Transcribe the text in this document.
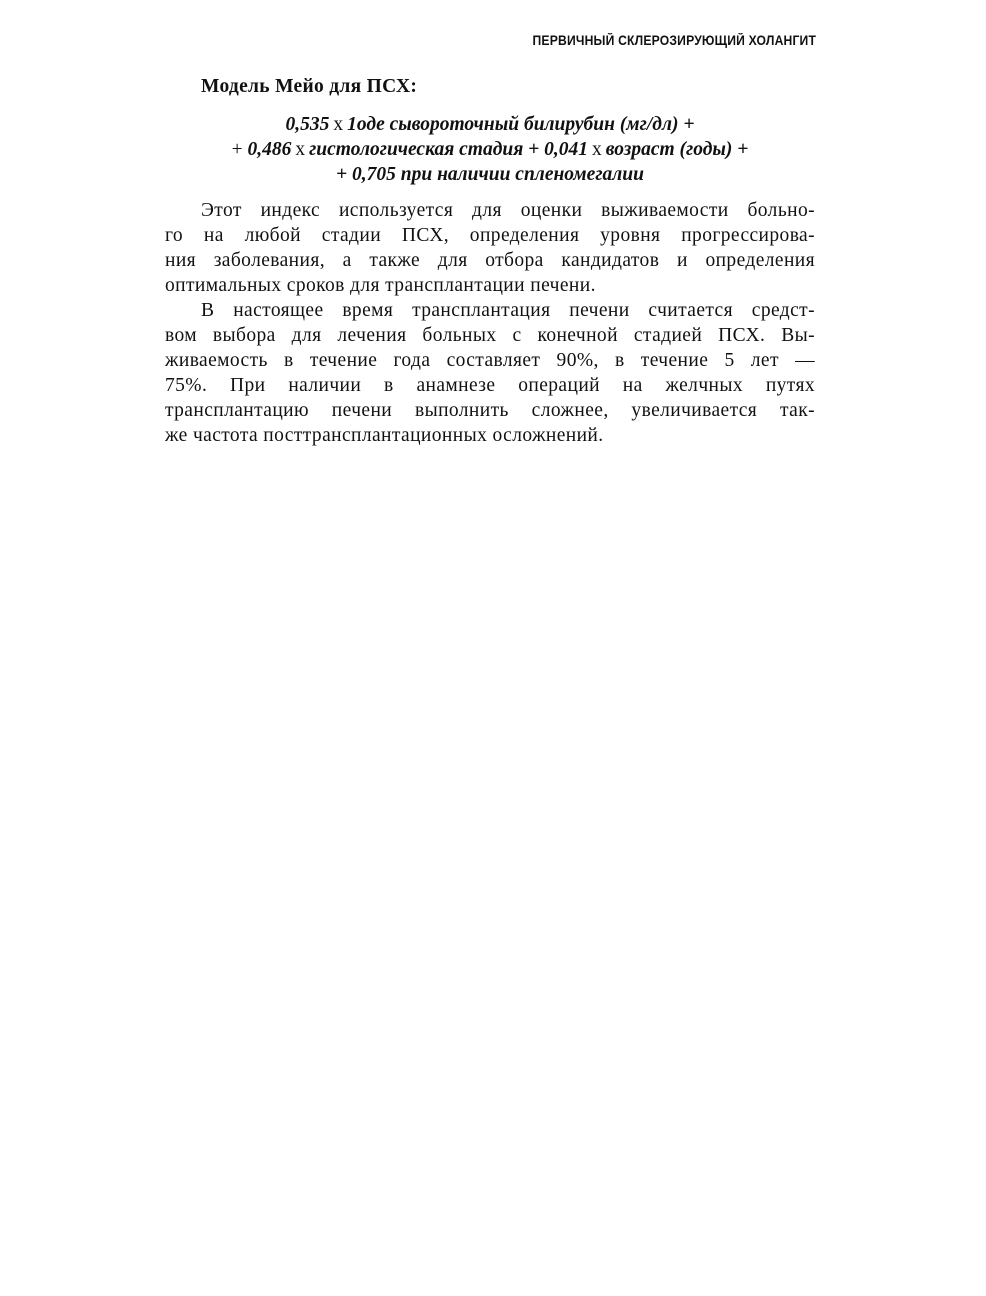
ПЕРВИЧНЫЙ СКЛЕРОЗИРУЮЩИЙ ХОЛАНГИТ
Модель Мейо для ПСХ:
0,535 х 1оде сывороточный билирубин (мг/дл) +
+ 0,486 х гистологическая стадия + 0,041 х возраст (годы) +
+ 0,705 при наличии спленомегалии
Этот индекс используется для оценки выживаемости больно-
го на любой стадии ПСХ, определения уровня прогрессирова-
ния заболевания, а также для отбора кандидатов и определения
оптимальных сроков для трансплантации печени.
В настоящее время трансплантация печени считается средст-
вом выбора для лечения больных с конечной стадией ПСХ. Вы-
живаемость в течение года составляет 90%, в течение 5 лет —
75%. При наличии в анамнезе операций на желчных путях
трансплантацию печени выполнить сложнее, увеличивается так-
же частота посттрансплантационных осложнений.
